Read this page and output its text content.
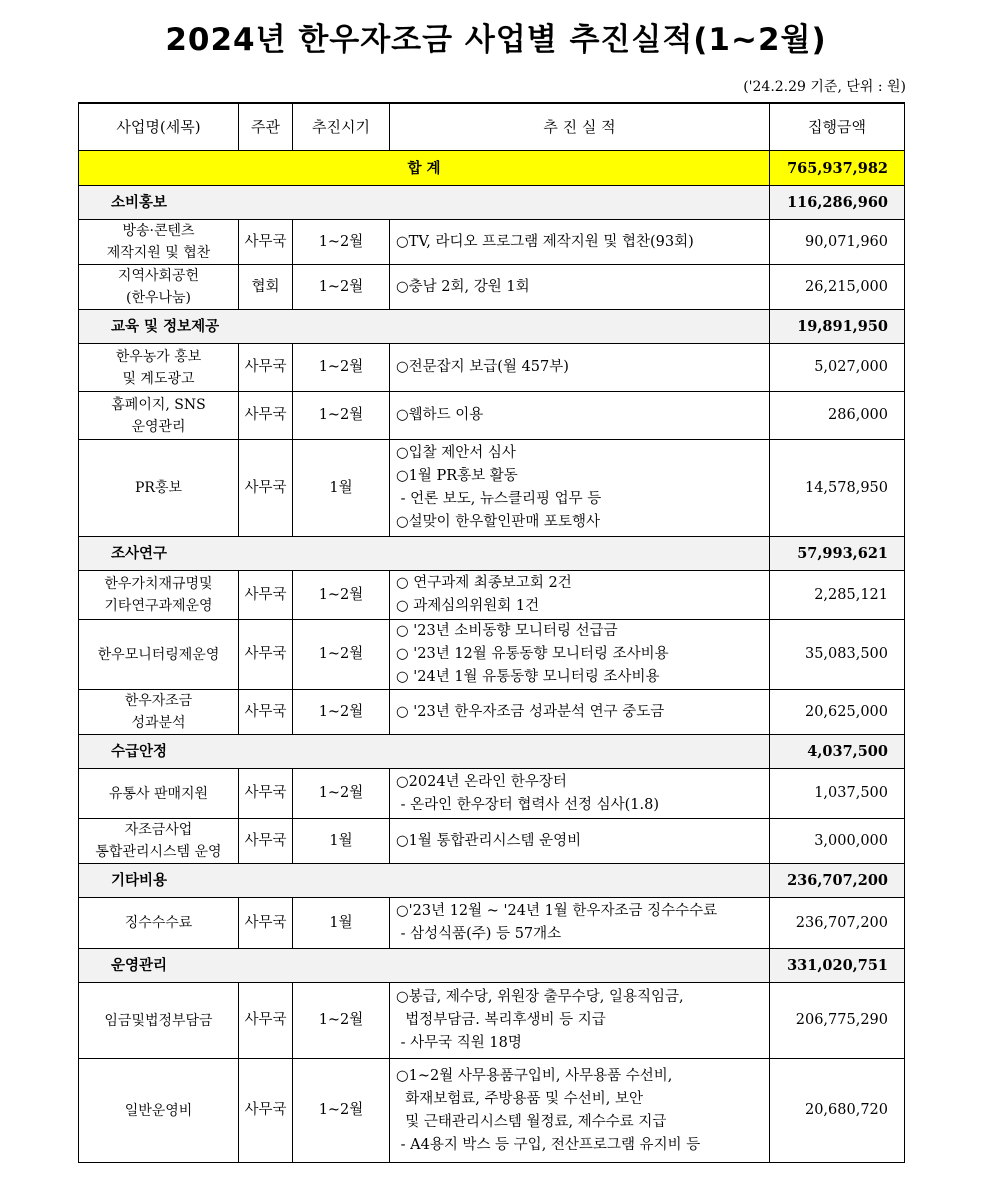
2024년 한우자조금 사업별 추진실적(1~2월)
('24.2.29 기준, 단위 : 원)
사업명(세목)	주관	추진시기	추 진 실 적	집행금액
합 계				765,937,982
소비홍보				116,286,960

방송·콘텐츠
제작지원 및 협찬	사무국	1~2월	○TV, 라디오 프로그램 제작지원 및 협찬(93회)	90,071,960

지역사회공헌
(한우나눔)	협회	1~2월	○충남 2회, 강원 1회	26,215,000
교육 및 정보제공				19,891,950

한우농가 홍보
및 계도광고	사무국	1~2월	○전문잡지 보급(월 457부)	5,027,000

홈페이지, SNS
운영관리	사무국	1~2월	○웹하드 이용	286,000

PR홍보	사무국	1월	○입찰 제안서 심사
○1월 PR홍보 활동
- 언론 보도, 뉴스클리핑 업무 등
○설맞이 한우할인판매 포토행사	14,578,950
조사연구				57,993,621

한우가치재규명및
기타연구과제운영	사무국	1~2월	○ 연구과제 최종보고회 2건
○ 과제심의위원회 1건	2,285,121

한우모니터링제운영	사무국	1~2월	○ '23년 소비동향 모니터링 선급금
○ '23년 12월 유통동향 모니터링 조사비용
○ '24년 1월 유통동향 모니터링 조사비용	35,083,500

한우자조금
성과분석	사무국	1~2월	○ '23년 한우자조금 성과분석 연구 중도금	20,625,000
수급안정				4,037,500

유통사 판매지원	사무국	1~2월	○2024년 온라인 한우장터
- 온라인 한우장터 협력사 선정 심사(1.8)	1,037,500

자조금사업
통합관리시스템 운영	사무국	1월	○1월 통합관리시스템 운영비	3,000,000
기타비용				236,707,200

징수수수료	사무국	1월	○'23년 12월 ~ '24년 1월 한우자조금 징수수수료
- 삼성식품(주) 등 57개소	236,707,200
운영관리				331,020,751

임금및법정부담금	사무국	1~2월	○봉급, 제수당, 위원장 출무수당, 일용직임금,
법정부담금. 복리후생비 등 지급
- 사무국 직원 18명	206,775,290

일반운영비	사무국	1~2월	○1~2월 사무용품구입비, 사무용품 수선비,
화재보험료, 주방용품 및 수선비, 보안
및 근태관리시스템 월정료, 제수수료 지급
- A4용지 박스 등 구입, 전산프로그램 유지비 등	20,680,720
